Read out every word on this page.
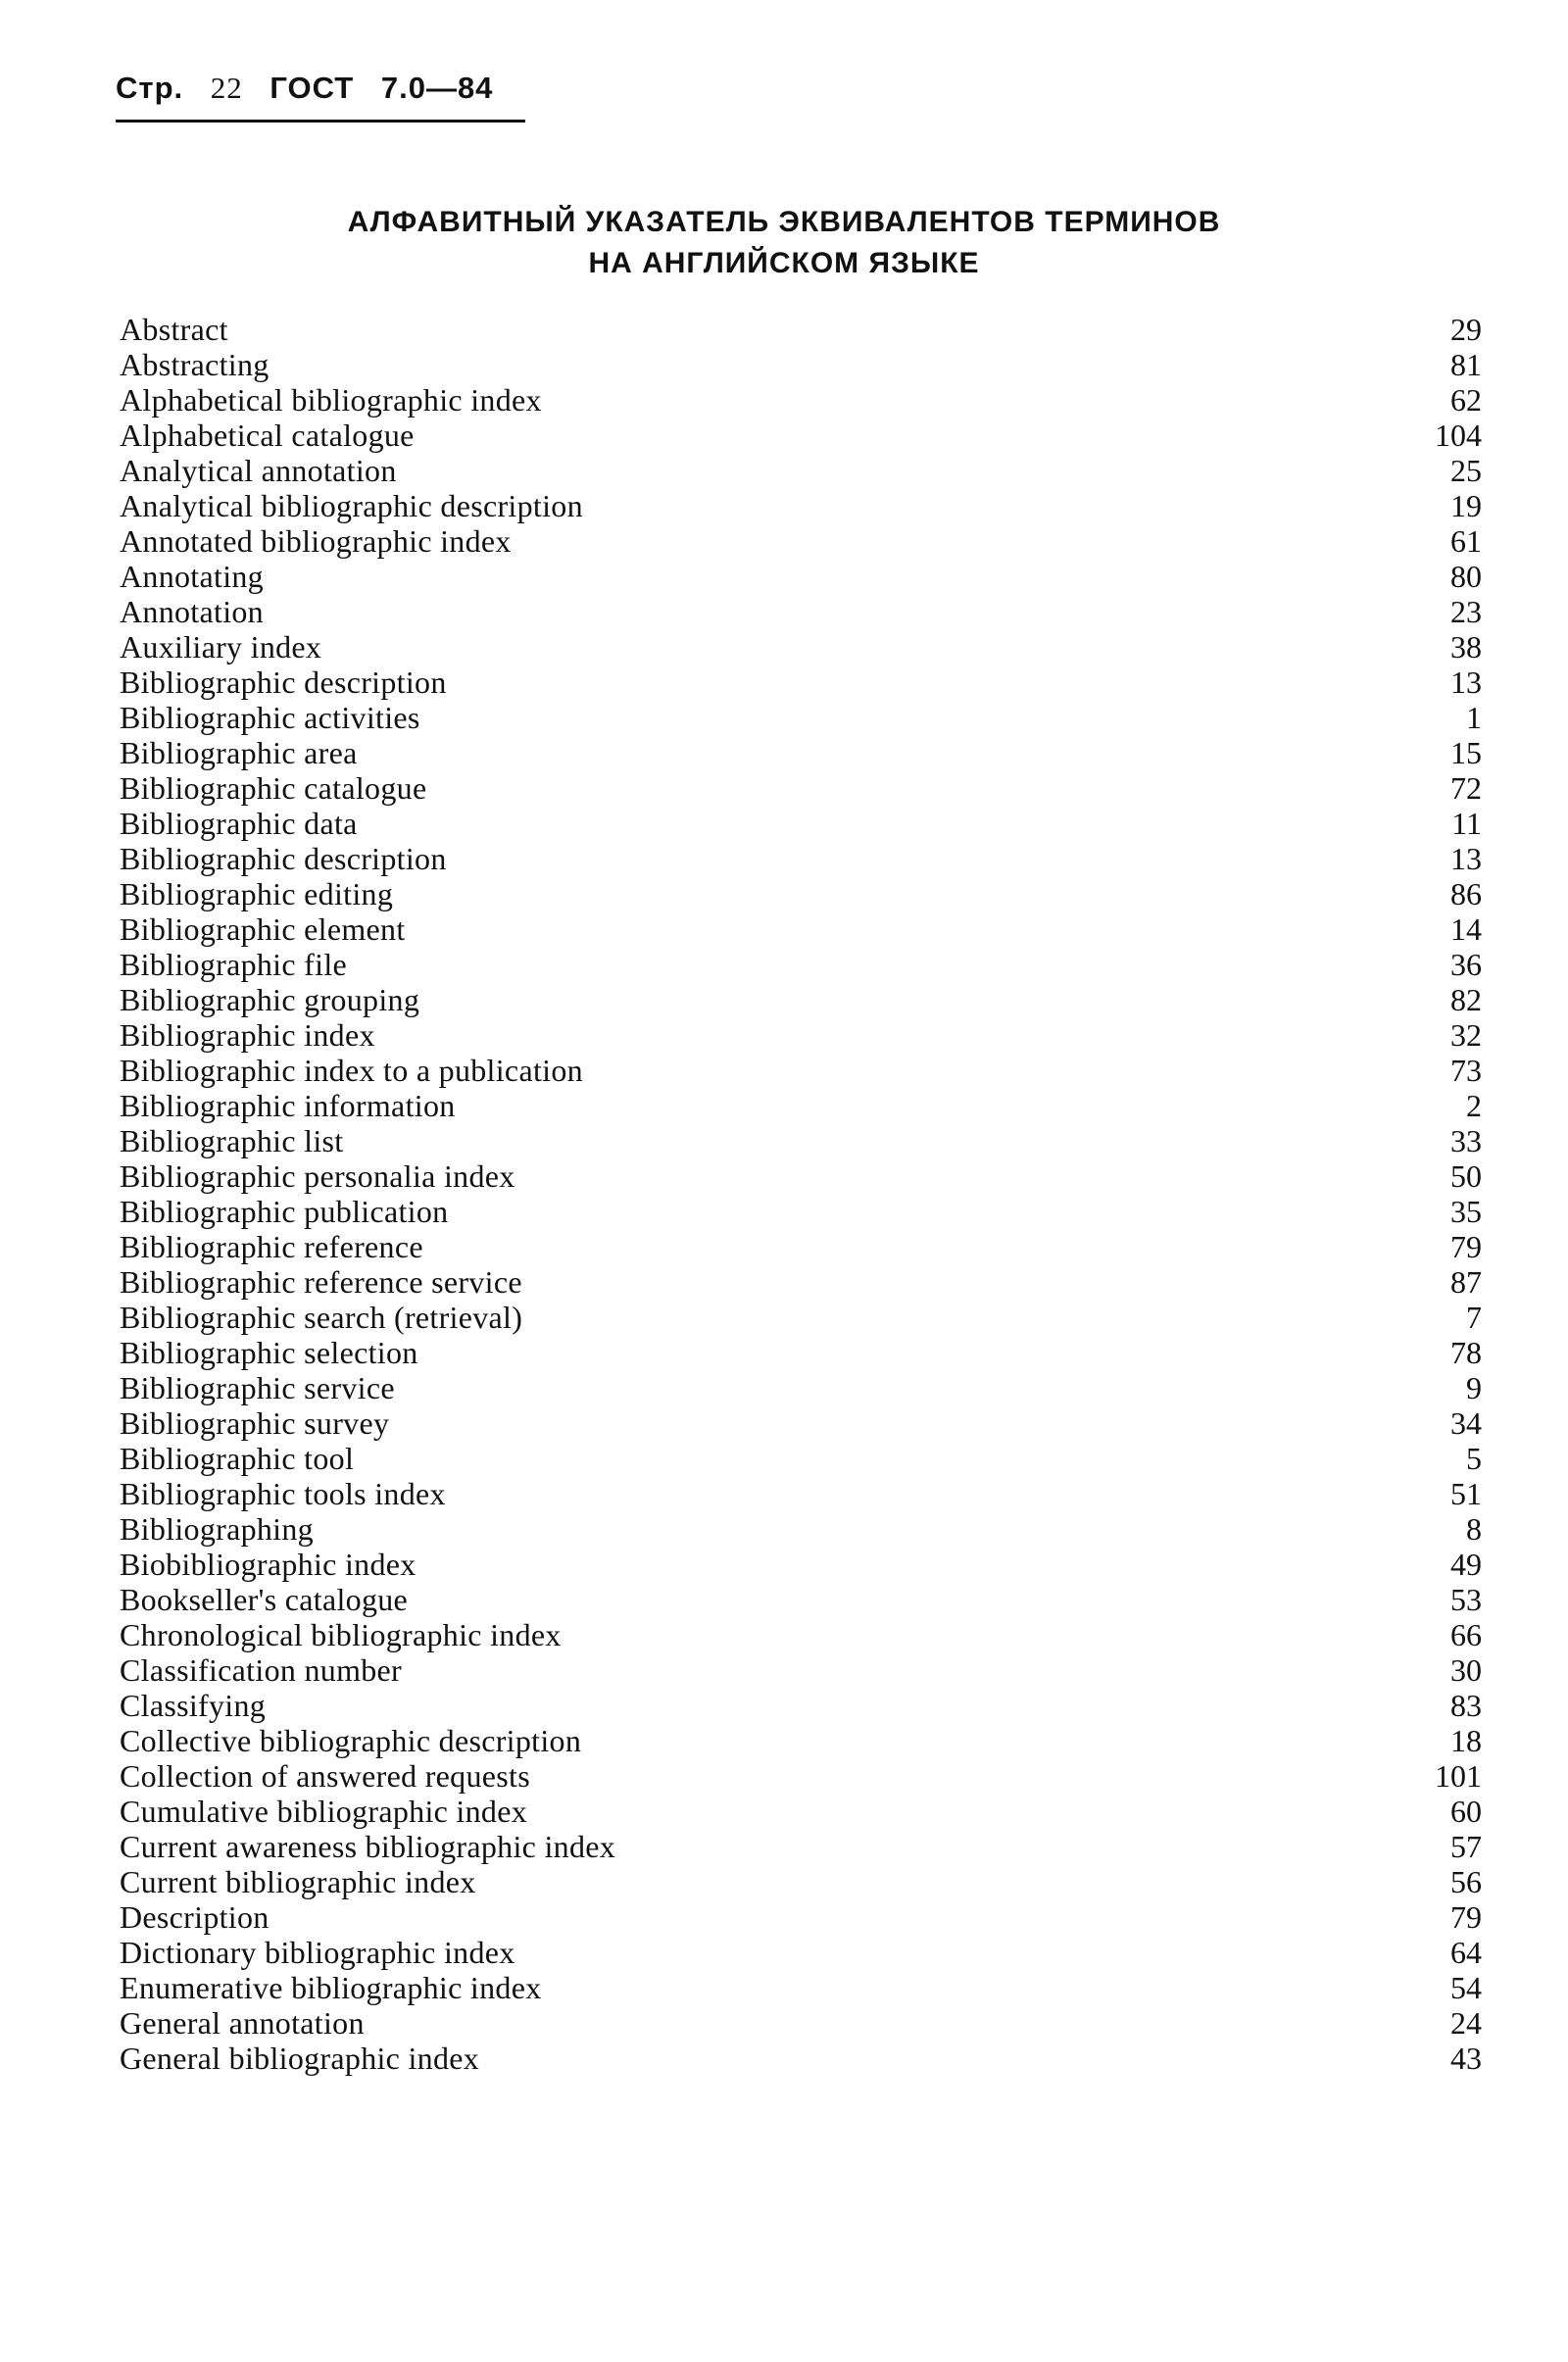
Стр. 22 ГОСТ 7.0—84
АЛФАВИТНЫЙ УКАЗАТЕЛЬ ЭКВИВАЛЕНТОВ ТЕРМИНОВ
НА АНГЛИЙСКОМ ЯЗЫКЕ
Abstract	29
Abstracting	81
Alphabetical bibliographic index	62
Alphabetical catalogue	104
Analytical annotation	25
Analytical bibliographic description	19
Annotated bibliographic index	61
Annotating	80
Annotation	23
Auxiliary index	38
Bibliographic description	13
Bibliographic activities	1
Bibliographic area	15
Bibliographic catalogue	72
Bibliographic data	11
Bibliographic description	13
Bibliographic editing	86
Bibliographic element	14
Bibliographic file	36
Bibliographic grouping	82
Bibliographic index	32
Bibliographic index to a publication	73
Bibliographic information	2
Bibliographic list	33
Bibliographic personalia index	50
Bibliographic publication	35
Bibliographic reference	79
Bibliographic reference service	87
Bibliographic search (retrieval)	7
Bibliographic selection	78
Bibliographic service	9
Bibliographic survey	34
Bibliographic tool	5
Bibliographic tools index	51
Bibliographing	8
Biobibliographic index	49
Bookseller's catalogue	53
Chronological bibliographic index	66
Classification number	30
Classifying	83
Collective bibliographic description	18
Collection of answered requests	101
Cumulative bibliographic index	60
Current awareness bibliographic index	57
Current bibliographic index	56
Description	79
Dictionary bibliographic index	64
Enumerative bibliographic index	54
General annotation	24
General bibliographic index	43
